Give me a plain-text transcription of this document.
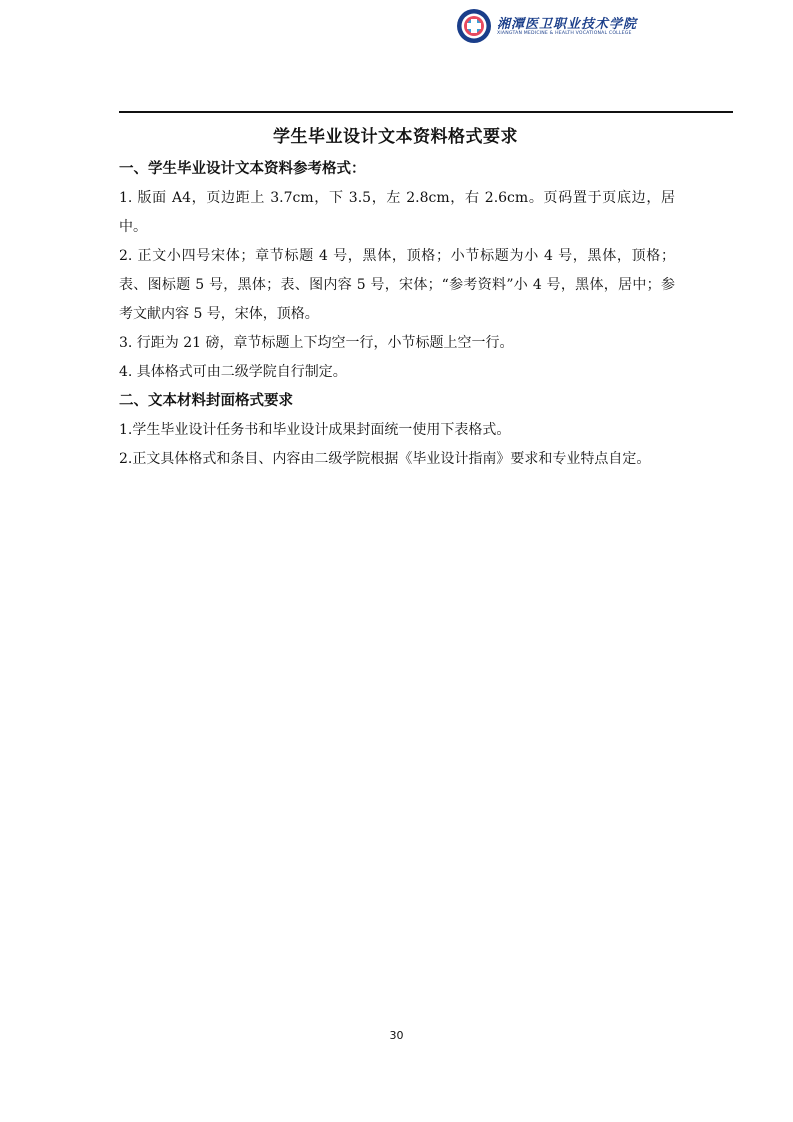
湘潭医卫职业技术学院
XIANGTAN MEDICINE & HEALTH VOCATIONAL COLLEGE
学生毕业设计文本资料格式要求
一、学生毕业设计文本资料参考格式：
1. 版面 A4，页边距上 3.7cm，下 3.5，左 2.8cm，右 2.6cm。页码置于页底边，居中。
2. 正文小四号宋体；章节标题 4 号，黑体，顶格；小节标题为小 4 号，黑体，顶格；表、图标题 5 号，黑体；表、图内容 5 号，宋体；“参考资料”小 4 号，黑体，居中；参考文献内容 5 号，宋体，顶格。
3. 行距为 21 磅，章节标题上下均空一行，小节标题上空一行。
4. 具体格式可由二级学院自行制定。
二、文本材料封面格式要求
1.学生毕业设计任务书和毕业设计成果封面统一使用下表格式。
2.正文具体格式和条目、内容由二级学院根据《毕业设计指南》要求和专业特点自定。
30
